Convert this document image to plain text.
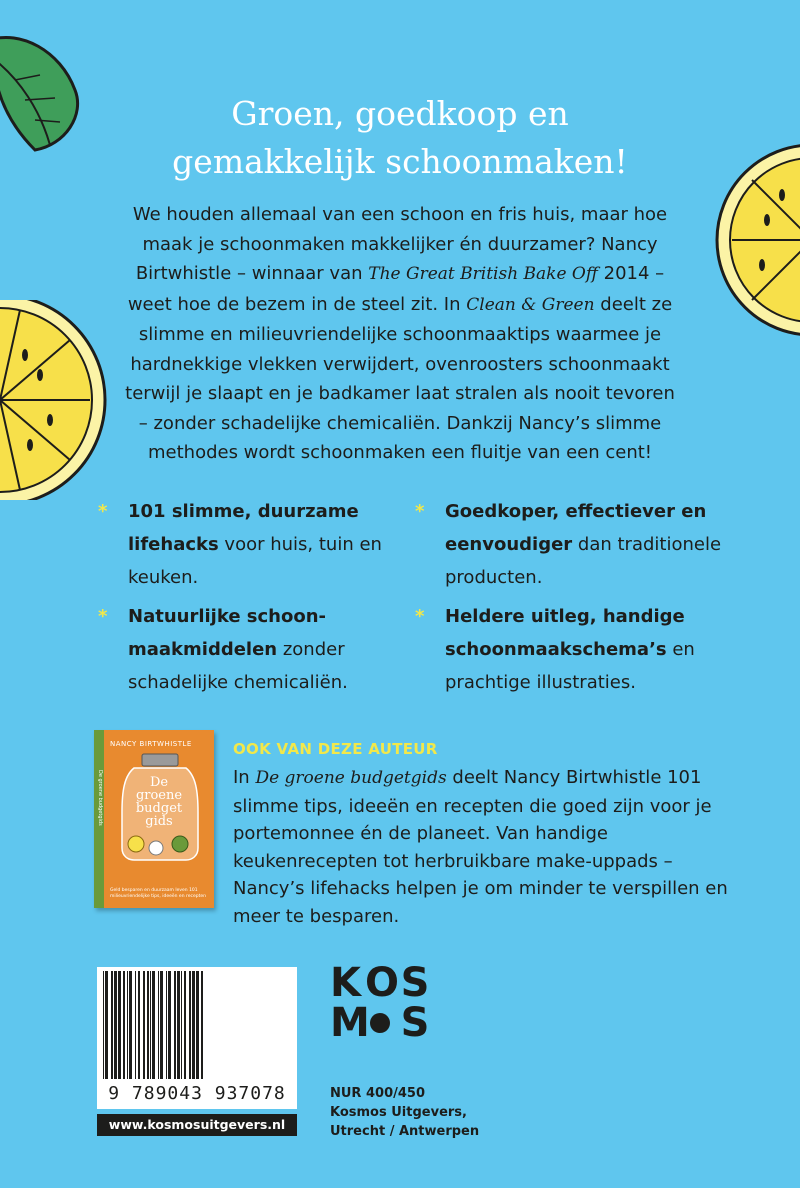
Groen, goedkoop en
gemakkelijk schoonmaken!

We houden allemaal van een schoon en fris huis, maar hoe maak je schoonmaken makkelijker én duurzamer? Nancy Birtwhistle – winnaar van The Great British Bake Off 2014 – weet hoe de bezem in de steel zit. In Clean & Green deelt ze slimme en milieuvriendelijke schoonmaaktips waarmee je hardnekkige vlekken verwijdert, ovenroosters schoonmaakt terwijl je slaapt en je badkamer laat stralen als nooit tevoren – zonder schadelijke chemicaliën. Dankzij Nancy’s slimme methodes wordt schoonmaken een fluitje van een cent!

* 101 slimme, duurzame lifehacks voor huis, tuin en keuken.
* Goedkoper, effectiever en eenvoudiger dan traditionele producten.
* Natuurlijke schoon-maakmiddelen zonder schadelijke chemicaliën.
* Heldere uitleg, handige schoonmaakschema’s en prachtige illustraties.
De groene budgetgids
NANCY BIRTWHISTLE
De
groene
budget
gids
Geld besparen en duurzaam leven 101 milieuvriendelijke tips, ideeën en recepten
OOK VAN DEZE AUTEUR

In De groene budgetgids deelt Nancy Birtwhistle 101 slimme tips, ideeën en recepten die goed zijn voor je portemonnee én de planeet. Van handige keukenrecepten tot herbruikbare make-uppads – Nancy’s lifehacks helpen je om minder te verspillen en meer te besparen.

9 789043 937078
www.kosmosuitgevers.nl
K O S
M S
NUR 400/450
Kosmos Uitgevers,
Utrecht / Antwerpen
